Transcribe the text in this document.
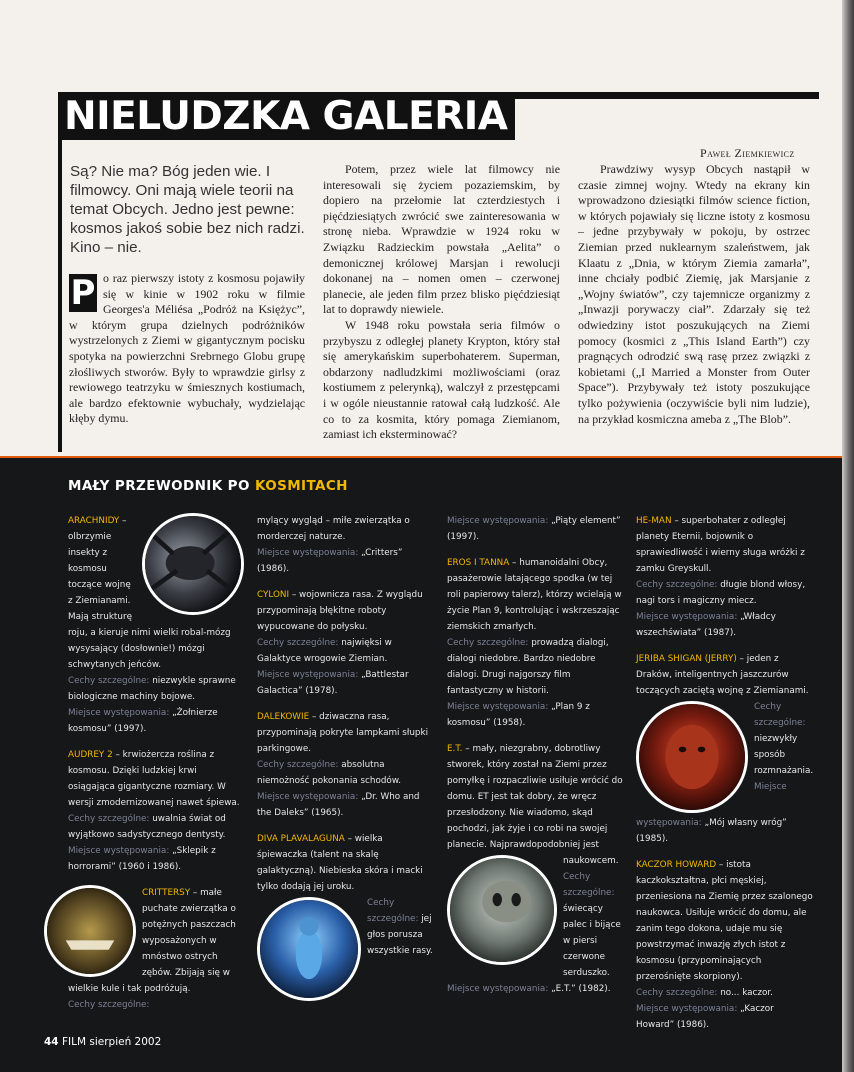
NIELUDZKA GALERIA
Paweł Ziemkiewicz
Są? Nie ma? Bóg jeden wie. I filmowcy. Oni mają wiele teorii na temat Obcych. Jedno jest pewne: kosmos jakoś sobie bez nich radzi. Kino – nie.
P o raz pierwszy istoty z kosmosu pojawiły się w kinie w 1902 roku w filmie Georges'a Méliésa „Podróż na Księżyc”, w którym grupa dzielnych podróżników wystrzelonych z Ziemi w gigantycznym pocisku spotyka na powierzchni Srebrnego Globu grupę złośliwych stworów. Były to wprawdzie girlsy z rewiowego teatrzyku w śmiesznych kostiumach, ale bardzo efektownie wybuchały, wydzielając kłęby dymu.

Potem, przez wiele lat filmowcy nie interesowali się życiem pozaziemskim, by dopiero na przełomie lat czterdziestych i pięćdziesiątych zwrócić swe zainteresowania w stronę nieba. Wprawdzie w 1924 roku w Związku Radzieckim powstała „Aelita” o demonicznej królowej Marsjan i rewolucji dokonanej na – nomen omen – czerwonej planecie, ale jeden film przez blisko pięćdziesiąt lat to doprawdy niewiele.

W 1948 roku powstała seria filmów o przybyszu z odległej planety Krypton, który stał się amerykańskim superbohaterem. Superman, obdarzony nadludzkimi możliwościami (oraz kostiumem z pelerynką), walczył z przestępcami i w ogóle nieustannie ratował całą ludzkość. Ale co to za kosmita, który pomaga Ziemianom, zamiast ich eksterminować?

Prawdziwy wysyp Obcych nastąpił w czasie zimnej wojny. Wtedy na ekrany kin wprowadzono dziesiątki filmów science fiction, w których pojawiały się liczne istoty z kosmosu – jedne przybywały w pokoju, by ostrzec Ziemian przed nuklearnym szaleństwem, jak Klaatu z „Dnia, w którym Ziemia zamarła”, inne chciały podbić Ziemię, jak Marsjanie z „Wojny światów”, czy tajemnicze organizmy z „Inwazji porywaczy ciał”. Zdarzały się też odwiedziny istot poszukujących na Ziemi pomocy (kosmici z „This Island Earth”) czy pragnących odrodzić swą rasę przez związki z kobietami („I Married a Monster from Outer Space”). Przybywały też istoty poszukujące tylko pożywienia (oczywiście byli nim ludzie), na przykład kosmiczna ameba z „The Blob”.
MAŁY PRZEWODNIK PO KOSMITACH

ARACHNIDY – olbrzymie insekty z kosmosu toczące wojnę z Ziemianami. Mają strukturę roju, a kieruje nimi wielki robal-mózg wysysający (dosłownie!) mózgi schwytanych jeńców.
Cechy szczególne: niezwykle sprawne biologiczne machiny bojowe.
Miejsce występowania: „Żołnierze kosmosu” (1997).

AUDREY 2 – krwiożercza roślina z kosmosu. Dzięki ludzkiej krwi osiągająca gigantyczne rozmiary. W wersji zmodernizowanej nawet śpiewa.
Cechy szczególne: uwalnia świat od wyjątkowo sadystycznego dentysty.
Miejsce występowania: „Sklepik z horrorami” (1960 i 1986).

CRITTERSY – małe puchate zwierzątka o potężnych paszczach wyposażonych w mnóstwo ostrych zębów. Zbijają się w wielkie kule i tak podróżują.
Cechy szczególne:

mylący wygląd – miłe zwierzątka o morderczej naturze.
Miejsce występowania: „Critters” (1986).

CYLONI – wojownicza rasa. Z wyglądu przypominają błękitne roboty wypucowane do połysku.
Cechy szczególne: najwięksi w Galaktyce wrogowie Ziemian.
Miejsce występowania: „Battlestar Galactica” (1978).

DALEKOWIE – dziwaczna rasa, przypominają pokryte lampkami słupki parkingowe.
Cechy szczególne: absolutna niemożność pokonania schodów.
Miejsce występowania: „Dr. Who and the Daleks” (1965).

DIVA PLAVALAGUNA – wielka śpiewaczka (talent na skalę galaktyczną). Niebieska skóra i macki tylko dodają jej uroku.

Cechy szczególne: jej głos porusza wszystkie rasy.

Miejsce występowania: „Piąty element” (1997).

EROS I TANNA – humanoidalni Obcy, pasażerowie latającego spodka (w tej roli papierowy talerz), którzy wcielają w życie Plan 9, kontrolując i wskrzeszając ziemskich zmarłych.
Cechy szczególne: prowadzą dialogi, dialogi niedobre. Bardzo niedobre dialogi. Drugi najgorszy film fantastyczny w historii.
Miejsce występowania: „Plan 9 z kosmosu” (1958).

E.T. – mały, niezgrabny, dobrotliwy stworek, który został na Ziemi przez pomyłkę i rozpaczliwie usiłuje wrócić do domu. ET jest tak dobry, że wręcz przesłodzony. Nie wiadomo, skąd pochodzi, jak żyje i co robi na swojej planecie. Najprawdopodobniej jest naukowcem.

Cechy szczególne: świecący palec i bijące w piersi czerwone serduszko.
Miejsce występowania: „E.T.” (1982).

HE-MAN – superbohater z odległej planety Eternii, bojownik o sprawiedliwość i wierny sługa wróżki z zamku Greyskull.
Cechy szczególne: długie blond włosy, nagi tors i magiczny miecz.
Miejsce występowania: „Władcy wszechświata” (1987).

JERIBA SHIGAN (JERRY) – jeden z Draków, inteligentnych jaszczurów toczących zaciętą wojnę z Ziemianami.

Cechy szczególne: niezwykły sposób rozmnażania.
Miejsce występowania: „Mój własny wróg” (1985).

KACZOR HOWARD – istota kaczkokształtna, płci męskiej, przeniesiona na Ziemię przez szalonego naukowca. Usiłuje wrócić do domu, ale zanim tego dokona, udaje mu się powstrzymać inwazję złych istot z kosmosu (przypominających przerośnięte skorpiony).
Cechy szczególne: no... kaczor.
Miejsce występowania: „Kaczor Howard” (1986).

44 FILM sierpień 2002
